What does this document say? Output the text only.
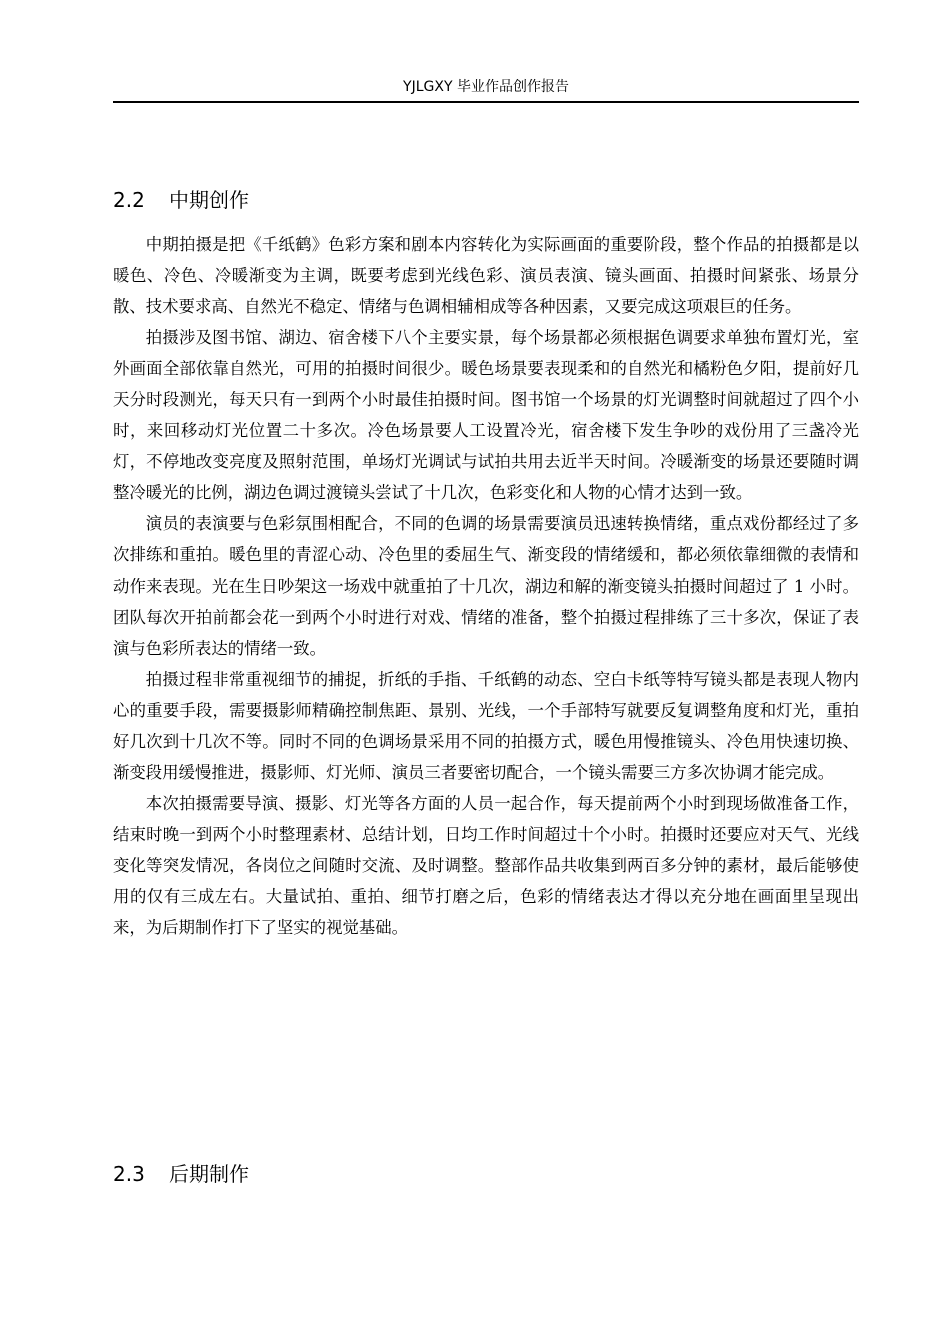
YJLGXY 毕业作品创作报告
2.2 中期创作

中期拍摄是把《千纸鹤》色彩方案和剧本内容转化为实际画面的重要阶段，整个作品的拍摄都是以暖色、冷色、冷暖渐变为主调，既要考虑到光线色彩、演员表演、镜头画面、拍摄时间紧张、场景分散、技术要求高、自然光不稳定、情绪与色调相辅相成等各种因素，又要完成这项艰巨的任务。

拍摄涉及图书馆、湖边、宿舍楼下八个主要实景，每个场景都必须根据色调要求单独布置灯光，室外画面全部依靠自然光，可用的拍摄时间很少。暖色场景要表现柔和的自然光和橘粉色夕阳，提前好几天分时段测光，每天只有一到两个小时最佳拍摄时间。图书馆一个场景的灯光调整时间就超过了四个小时，来回移动灯光位置二十多次。冷色场景要人工设置冷光，宿舍楼下发生争吵的戏份用了三盏冷光灯，不停地改变亮度及照射范围，单场灯光调试与试拍共用去近半天时间。冷暖渐变的场景还要随时调整冷暖光的比例，湖边色调过渡镜头尝试了十几次，色彩变化和人物的心情才达到一致。

演员的表演要与色彩氛围相配合，不同的色调的场景需要演员迅速转换情绪，重点戏份都经过了多次排练和重拍。暖色里的青涩心动、冷色里的委屈生气、渐变段的情绪缓和，都必须依靠细微的表情和动作来表现。光在生日吵架这一场戏中就重拍了十几次，湖边和解的渐变镜头拍摄时间超过了 1 小时。团队每次开拍前都会花一到两个小时进行对戏、情绪的准备，整个拍摄过程排练了三十多次，保证了表演与色彩所表达的情绪一致。

拍摄过程非常重视细节的捕捉，折纸的手指、千纸鹤的动态、空白卡纸等特写镜头都是表现人物内心的重要手段，需要摄影师精确控制焦距、景别、光线，一个手部特写就要反复调整角度和灯光，重拍好几次到十几次不等。同时不同的色调场景采用不同的拍摄方式，暖色用慢推镜头、冷色用快速切换、渐变段用缓慢推进，摄影师、灯光师、演员三者要密切配合，一个镜头需要三方多次协调才能完成。

本次拍摄需要导演、摄影、灯光等各方面的人员一起合作，每天提前两个小时到现场做准备工作，结束时晚一到两个小时整理素材、总结计划，日均工作时间超过十个小时。拍摄时还要应对天气、光线变化等突发情况，各岗位之间随时交流、及时调整。整部作品共收集到两百多分钟的素材，最后能够使用的仅有三成左右。大量试拍、重拍、细节打磨之后，色彩的情绪表达才得以充分地在画面里呈现出来，为后期制作打下了坚实的视觉基础。

2.3 后期制作
